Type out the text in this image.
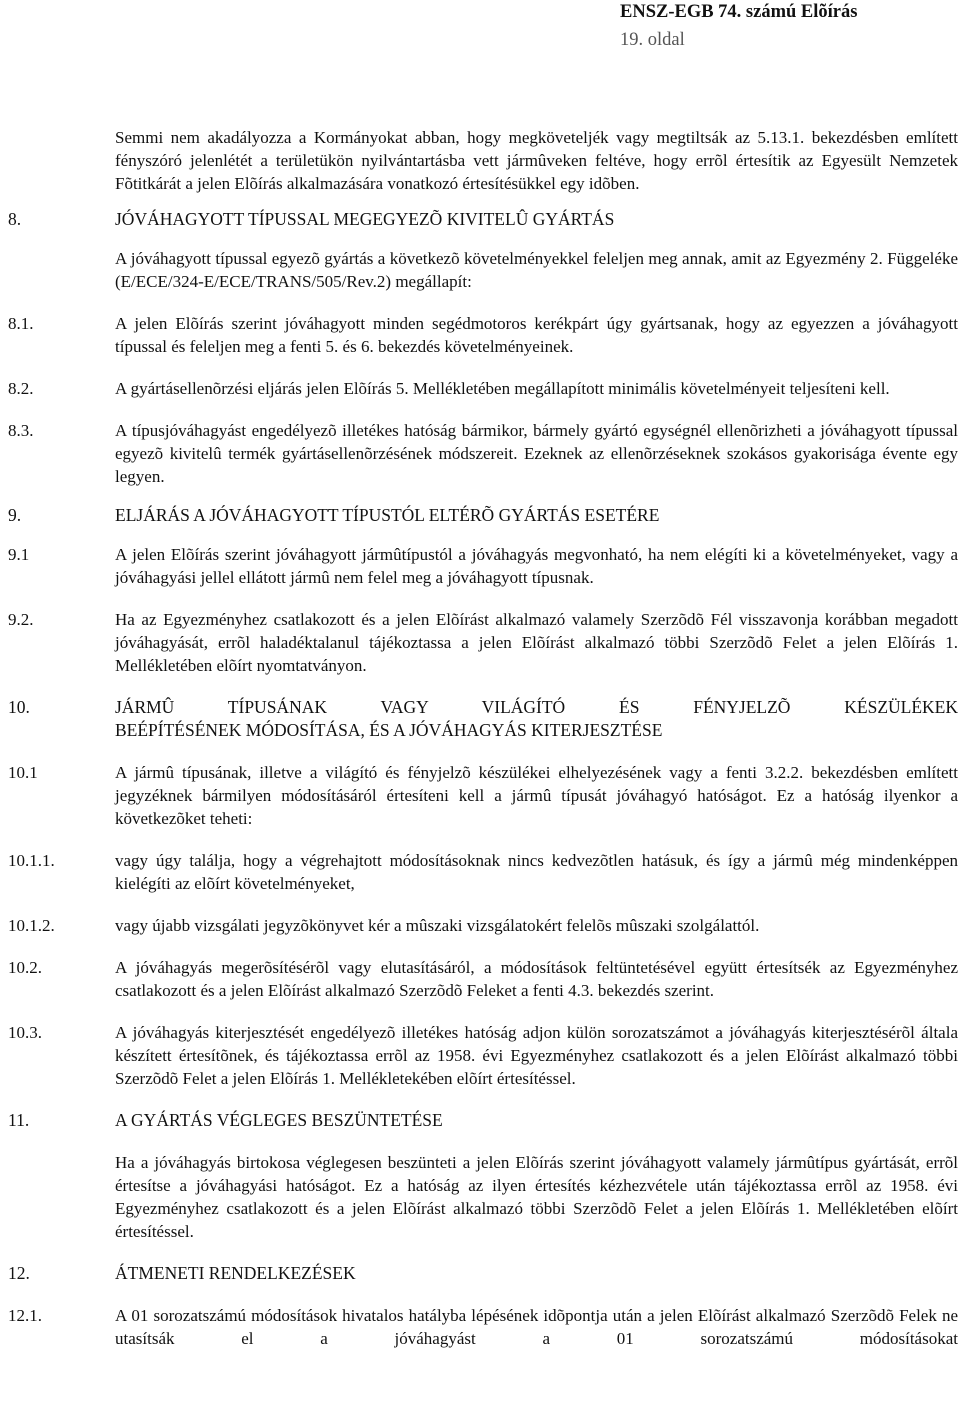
ENSZ-EGB 74. számú Elõírás
19. oldal
Semmi nem akadályozza a Kormányokat abban, hogy megköveteljék vagy megtiltsák az 5.13.1. bekezdésben említett fényszóró jelenlétét a területükön nyilvántartásba vett jármûveken feltéve, hogy errõl értesítik az Egyesült Nemzetek Fõtitkárát a jelen Elõírás alkalmazására vonatkozó értesítésükkel egy idõben.
8.	JÓVÁHAGYOTT TÍPUSSAL MEGEGYEZÕ KIVITELÛ GYÁRTÁS
A jóváhagyott típussal egyezõ gyártás a következõ követelményekkel feleljen meg annak, amit az Egyezmény 2. Függeléke (E/ECE/324-E/ECE/TRANS/505/Rev.2) megállapít:
8.1.	A jelen Elõírás szerint jóváhagyott minden segédmotoros kerékpárt úgy gyártsanak, hogy az egyezzen a jóváhagyott típussal és feleljen meg a fenti 5. és 6. bekezdés követelményeinek.
8.2.	A gyártásellenõrzési eljárás jelen Elõírás 5. Mellékletében megállapított minimális követelményeit teljesíteni kell.
8.3.	A típusjóváhagyást engedélyezõ illetékes hatóság bármikor, bármely gyártó egységnél ellenõrizheti a jóváhagyott típussal egyezõ kivitelû termék gyártásellenõrzésének módszereit. Ezeknek az ellenõrzéseknek szokásos gyakorisága évente egy legyen.
9.	ELJÁRÁS A JÓVÁHAGYOTT TÍPUSTÓL ELTÉRÕ GYÁRTÁS ESETÉRE
9.1	A jelen Elõírás szerint jóváhagyott jármûtípustól a jóváhagyás megvonható, ha nem elégíti ki a követelményeket, vagy a jóváhagyási jellel ellátott jármû nem felel meg a jóváhagyott típusnak.
9.2.	Ha az Egyezményhez csatlakozott és a jelen Elõírást alkalmazó valamely Szerzõdõ Fél visszavonja korábban megadott jóváhagyását, errõl haladéktalanul tájékoztassa a jelen Elõírást alkalmazó többi Szerzõdõ Felet a jelen Elõírás 1. Mellékletében elõírt nyomtatványon.
10.	JÁRMÛ TÍPUSÁNAK VAGY VILÁGÍTÓ ÉS FÉNYJELZÕ KÉSZÜLÉKEK
BEÉPÍTÉSÉNEK MÓDOSÍTÁSA, ÉS A JÓVÁHAGYÁS KITERJESZTÉSE
10.1	A jármû típusának, illetve a világító és fényjelzõ készülékei elhelyezésének vagy a fenti 3.2.2. bekezdésben említett jegyzéknek bármilyen módosításáról értesíteni kell a jármû típusát jóváhagyó hatóságot. Ez a hatóság ilyenkor a következõket teheti:
10.1.1.	vagy úgy találja, hogy a végrehajtott módosításoknak nincs kedvezõtlen hatásuk, és így a jármû még mindenképpen kielégíti az elõírt követelményeket,
10.1.2.	vagy újabb vizsgálati jegyzõkönyvet kér a mûszaki vizsgálatokért felelõs mûszaki szolgálattól.
10.2.	A jóváhagyás megerõsítésérõl vagy elutasításáról, a módosítások feltüntetésével együtt értesítsék az Egyezményhez csatlakozott és a jelen Elõírást alkalmazó Szerzõdõ Feleket a fenti 4.3. bekezdés szerint.
10.3.	A jóváhagyás kiterjesztését engedélyezõ illetékes hatóság adjon külön sorozatszámot a jóváhagyás kiterjesztésérõl általa készített értesítõnek, és tájékoztassa errõl az 1958. évi Egyezményhez csatlakozott és a jelen Elõírást alkalmazó többi Szerzõdõ Felet a jelen Elõírás 1. Mellékletekében elõírt értesítéssel.
11.	A GYÁRTÁS VÉGLEGES BESZÜNTETÉSE
Ha a jóváhagyás birtokosa véglegesen beszünteti a jelen Elõírás szerint jóváhagyott valamely jármûtípus gyártását, errõl értesítse a jóváhagyási hatóságot. Ez a hatóság az ilyen értesítés kézhezvétele után tájékoztassa errõl az 1958. évi Egyezményhez csatlakozott és a jelen Elõírást alkalmazó többi Szerzõdõ Felet a jelen Elõírás 1. Mellékletében elõírt értesítéssel.
12.	ÁTMENETI RENDELKEZÉSEK
12.1.	A 01 sorozatszámú módosítások hivatalos hatályba lépésének idõpontja után a jelen Elõírást alkalmazó Szerzõdõ Felek ne utasítsák el a jóváhagyást a 01 sorozatszámú módosításokat
